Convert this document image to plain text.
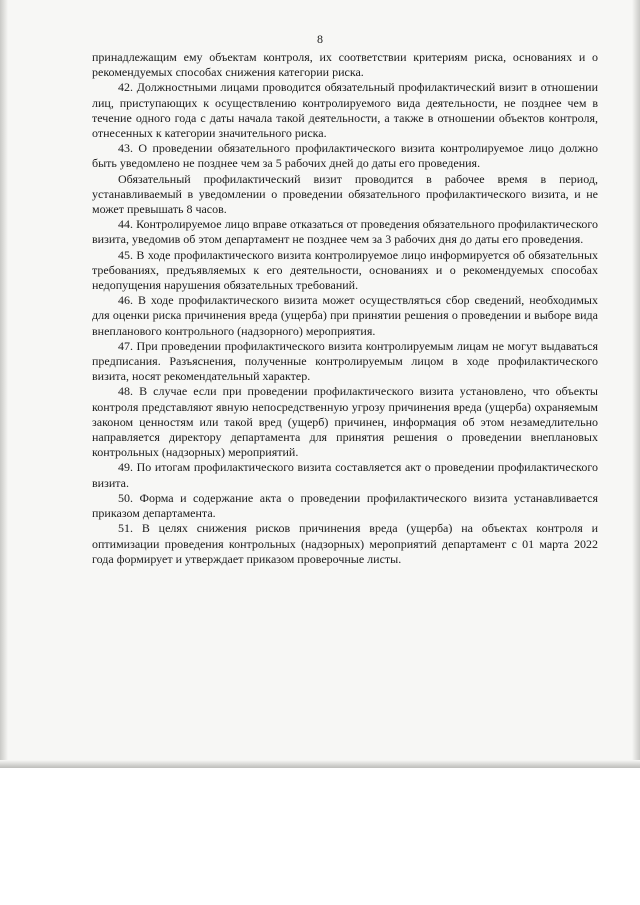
8

принадлежащим ему объектам контроля, их соответствии критериям риска, основаниях и о рекомендуемых способах снижения категории риска.

42. Должностными лицами проводится обязательный профилактический визит в отношении лиц, приступающих к осуществлению контролируемого вида деятельности, не позднее чем в течение одного года с даты начала такой деятельности, а также в отношении объектов контроля, отнесенных к категории значительного риска.

43. О проведении обязательного профилактического визита контролируемое лицо должно быть уведомлено не позднее чем за 5 рабочих дней до даты его проведения.

Обязательный профилактический визит проводится в рабочее время в период, устанавливаемый в уведомлении о проведении обязательного профилактического визита, и не может превышать 8 часов.

44. Контролируемое лицо вправе отказаться от проведения обязательного профилактического визита, уведомив об этом департамент не позднее чем за 3 рабочих дня до даты его проведения.

45. В ходе профилактического визита контролируемое лицо информируется об обязательных требованиях, предъявляемых к его деятельности, основаниях и о рекомендуемых способах недопущения нарушения обязательных требований.

46. В ходе профилактического визита может осуществляться сбор сведений, необходимых для оценки риска причинения вреда (ущерба) при принятии решения о проведении и выборе вида внепланового контрольного (надзорного) мероприятия.

47. При проведении профилактического визита контролируемым лицам не могут выдаваться предписания. Разъяснения, полученные контролируемым лицом в ходе профилактического визита, носят рекомендательный характер.

48. В случае если при проведении профилактического визита установлено, что объекты контроля представляют явную непосредственную угрозу причинения вреда (ущерба) охраняемым законом ценностям или такой вред (ущерб) причинен, информация об этом незамедлительно направляется директору департамента для принятия решения о проведении внеплановых контрольных (надзорных) мероприятий.

49. По итогам профилактического визита составляется акт о проведении профилактического визита.

50. Форма и содержание акта о проведении профилактического визита устанавливается приказом департамента.

51. В целях снижения рисков причинения вреда (ущерба) на объектах контроля и оптимизации проведения контрольных (надзорных) мероприятий департамент с 01 марта 2022 года формирует и утверждает приказом проверочные листы.
